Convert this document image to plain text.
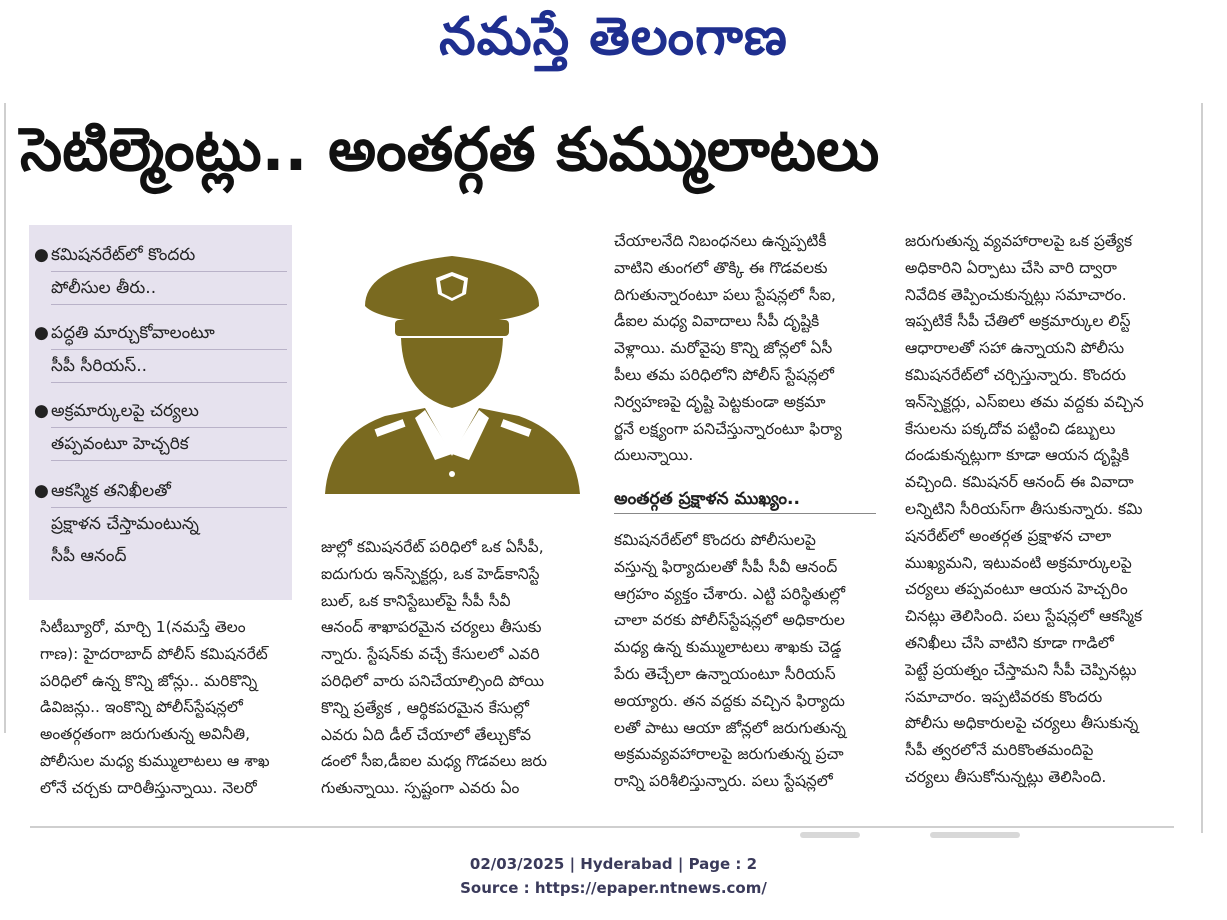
నమస్తే తెలంగాణ
సెటిల్మెంట్లు.. అంతర్గత కుమ్ములాటలు
● కమిషనరేట్‌లో కొందరు
పోలీసుల తీరు..
● పద్ధతి మార్చుకోవాలంటూ
సీపీ సీరియస్..
● అక్రమార్కులపై చర్యలు
తప్పవంటూ హెచ్చరిక
● ఆకస్మిక తనిఖీలతో
ప్రక్షాళన చేస్తామంటున్న
సీపీ ఆనంద్
సిటీబ్యూరో, మార్చి 1(నమస్తే తెలం
గాణ): హైదరాబాద్ పోలీస్ కమిషనరేట్
పరిధిలో ఉన్న కొన్ని జోన్లు.. మరికొన్ని
డివిజన్లు.. ఇంకొన్ని పోలీస్‌స్టేషన్లలో
అంతర్గతంగా జరుగుతున్న అవినీతి,
పోలీసుల మధ్య కుమ్ములాటలు ఆ శాఖ
లోనే చర్చకు దారితీస్తున్నాయి. నెలరో
జుల్లో కమిషనరేట్ పరిధిలో ఒక ఏసీపీ,
ఐదుగురు ఇన్‌స్పెక్టర్లు, ఒక హెడ్‌కానిస్టే
బుల్, ఒక కానిస్టేబుల్‌పై సీపీ సీవీ
ఆనంద్ శాఖాపరమైన చర్యలు తీసుకు
న్నారు. స్టేషన్‌కు వచ్చే కేసులలో ఎవరి
పరిధిలో వారు పనిచేయాల్సింది పోయి
కొన్ని ప్రత్యేక , ఆర్థికపరమైన కేసుల్లో
ఎవరు ఏది డీల్ చేయాలో తేల్చుకోవ
డంలో సీఐ,డీఐల మధ్య గొడవలు జరు
గుతున్నాయి. స్పష్టంగా ఎవరు ఏం
చేయాలనేది నిబంధనలు ఉన్నప్పటికీ
వాటిని తుంగలో తొక్కి ఈ గొడవలకు
దిగుతున్నారంటూ పలు స్టేషన్లలో సీఐ,
డీఐల మధ్య వివాదాలు సీపీ దృష్టికి
వెళ్లాయి. మరోవైపు కొన్ని జోన్లలో ఏసీ
పీలు తమ పరిధిలోని పోలీస్ స్టేషన్లలో
నిర్వహణపై దృష్టి పెట్టకుండా అక్రమా
ర్జనే లక్ష్యంగా పనిచేస్తున్నారంటూ ఫిర్యా
దులున్నాయి.
అంతర్గత ప్రక్షాళన ముఖ్యం..
కమిషనరేట్‌లో కొందరు పోలీసులపై
వస్తున్న ఫిర్యాదులతో సీపీ సీవీ ఆనంద్
ఆగ్రహం వ్యక్తం చేశారు. ఎట్టి పరిస్థితుల్లో
చాలా వరకు పోలీస్‌స్టేషన్లలో అధికారుల
మధ్య ఉన్న కుమ్ములాటలు శాఖకు చెడ్డ
పేరు తెచ్చేలా ఉన్నాయంటూ సీరియస్
అయ్యారు. తన వద్దకు వచ్చిన ఫిర్యాదు
లతో పాటు ఆయా జోన్లలో జరుగుతున్న
అక్రమవ్యవహారాలపై జరుగుతున్న ప్రచా
రాన్ని పరిశీలిస్తున్నారు. పలు స్టేషన్లలో
జరుగుతున్న వ్యవహారాలపై ఒక ప్రత్యేక
అధికారిని ఏర్పాటు చేసి వారి ద్వారా
నివేదిక తెప్పించుకున్నట్లు సమాచారం.
ఇప్పటికే సీపీ చేతిలో అక్రమార్కుల లిస్ట్
ఆధారాలతో సహా ఉన్నాయని పోలీసు
కమిషనరేట్‌లో చర్చిస్తున్నారు. కొందరు
ఇన్‌స్పెక్టర్లు, ఎస్ఐలు తమ వద్దకు వచ్చిన
కేసులను పక్కదోవ పట్టించి డబ్బులు
దండుకున్నట్లుగా కూడా ఆయన దృష్టికి
వచ్చింది. కమిషనర్ ఆనంద్ ఈ వివాదా
లన్నిటిని సీరియస్‌గా తీసుకున్నారు. కమి
షనరేట్‌లో అంతర్గత ప్రక్షాళన చాలా
ముఖ్యమని, ఇటువంటి అక్రమార్కులపై
చర్యలు తప్పవంటూ ఆయన హెచ్చరిం
చినట్లు తెలిసింది. పలు స్టేషన్లలో ఆకస్మిక
తనిఖీలు చేసి వాటిని కూడా గాడిలో
పెట్టే ప్రయత్నం చేస్తామని సీపీ చెప్పినట్లు
సమాచారం. ఇప్పటివరకు కొందరు
పోలీసు అధికారులపై చర్యలు తీసుకున్న
సీపీ త్వరలోనే మరికొంతమందిపై
చర్యలు తీసుకోనున్నట్లు తెలిసింది.
02/03/2025 | Hyderabad | Page : 2
Source : https://epaper.ntnews.com/
